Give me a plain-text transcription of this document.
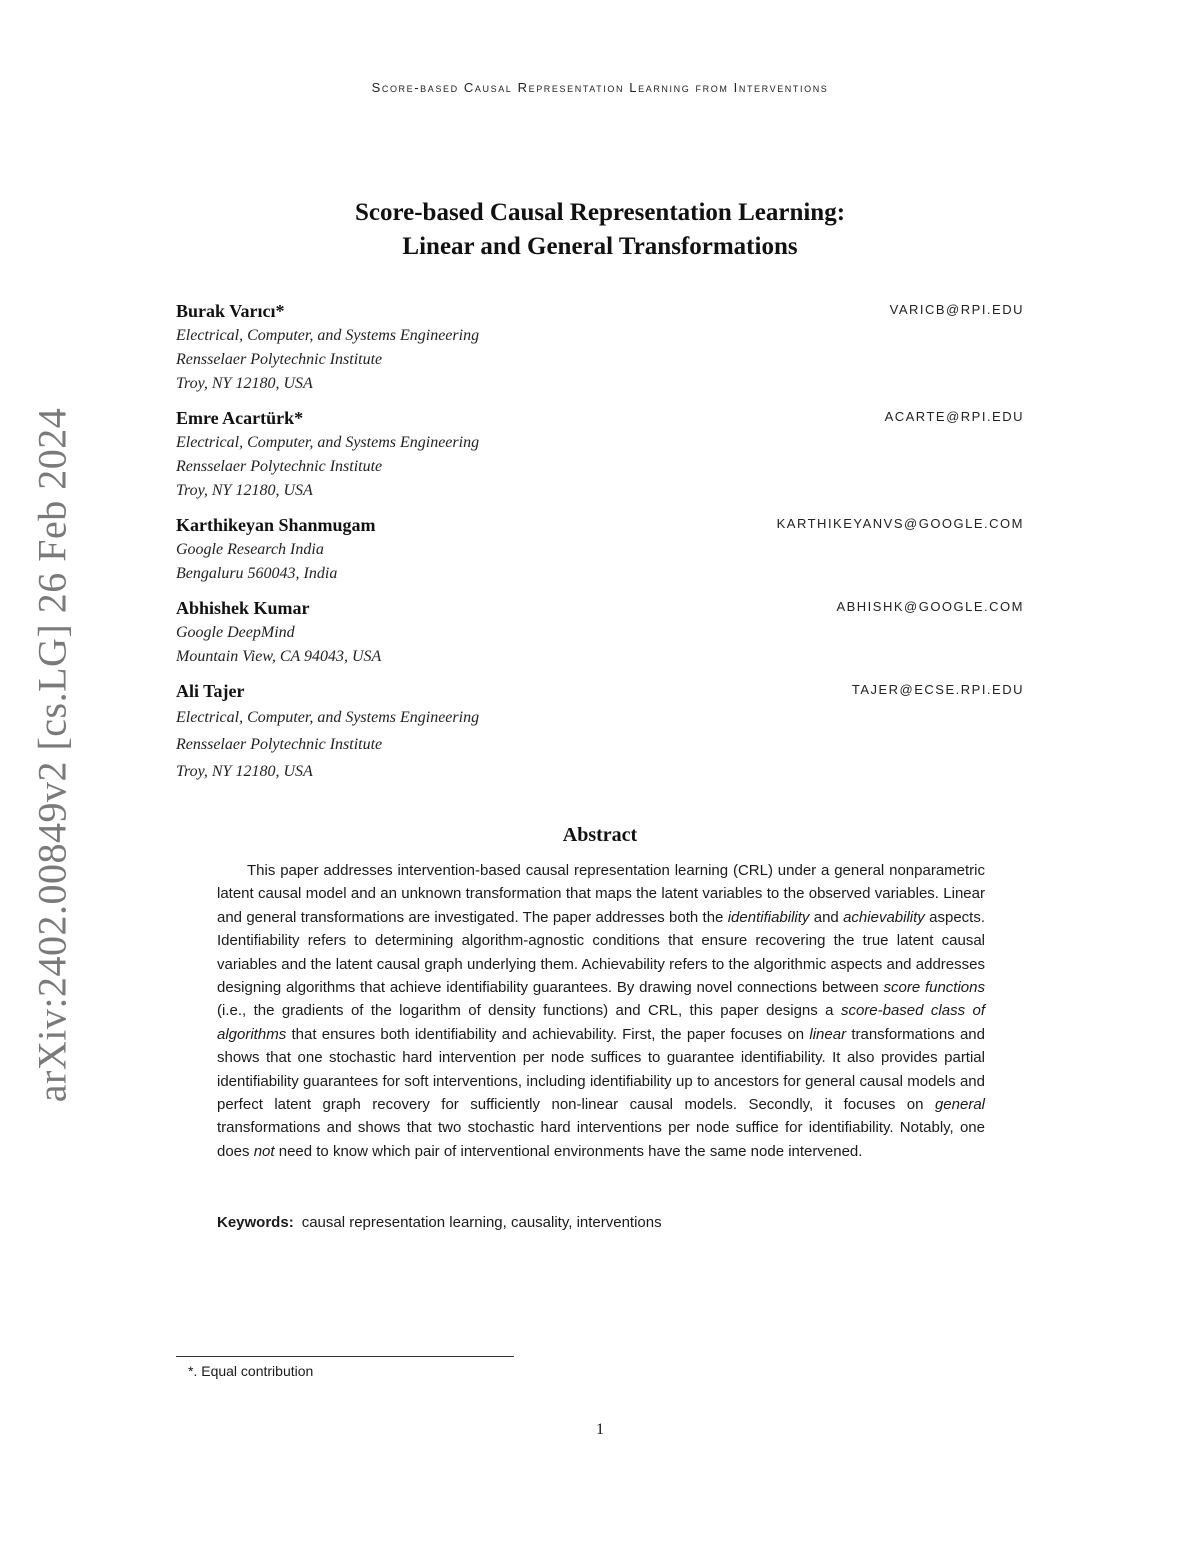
Score-based Causal Representation Learning from Interventions
arXiv:2402.00849v2 [cs.LG] 26 Feb 2024
Score-based Causal Representation Learning:
Linear and General Transformations
Burak Varıcı*	VARICB@RPI.EDU
Electrical, Computer, and Systems Engineering
Rensselaer Polytechnic Institute
Troy, NY 12180, USA
Emre Acartürk*	ACARTE@RPI.EDU
Electrical, Computer, and Systems Engineering
Rensselaer Polytechnic Institute
Troy, NY 12180, USA
Karthikeyan Shanmugam	KARTHIKEYANVS@GOOGLE.COM
Google Research India
Bengaluru 560043, India
Abhishek Kumar	ABHISHK@GOOGLE.COM
Google DeepMind
Mountain View, CA 94043, USA
Ali Tajer	TAJER@ECSE.RPI.EDU
Electrical, Computer, and Systems Engineering
Rensselaer Polytechnic Institute
Troy, NY 12180, USA
Abstract
This paper addresses intervention-based causal representation learning (CRL) under a general nonparametric latent causal model and an unknown transformation that maps the latent variables to the observed variables. Linear and general transformations are investigated. The paper addresses both the identifiability and achievability aspects. Identifiability refers to determining algorithm-agnostic conditions that ensure recovering the true latent causal variables and the latent causal graph underlying them. Achievability refers to the algorithmic aspects and addresses designing algorithms that achieve identifiability guarantees. By drawing novel connections between score functions (i.e., the gradients of the logarithm of density functions) and CRL, this paper designs a score-based class of algorithms that ensures both identifiability and achievability. First, the paper focuses on linear transformations and shows that one stochastic hard intervention per node suffices to guarantee identifiability. It also provides partial identifiability guarantees for soft interventions, including identifiability up to ancestors for general causal models and perfect latent graph recovery for sufficiently non-linear causal models. Secondly, it focuses on general transformations and shows that two stochastic hard interventions per node suffice for identifiability. Notably, one does not need to know which pair of interventional environments have the same node intervened.
Keywords: causal representation learning, causality, interventions
*. Equal contribution
1
